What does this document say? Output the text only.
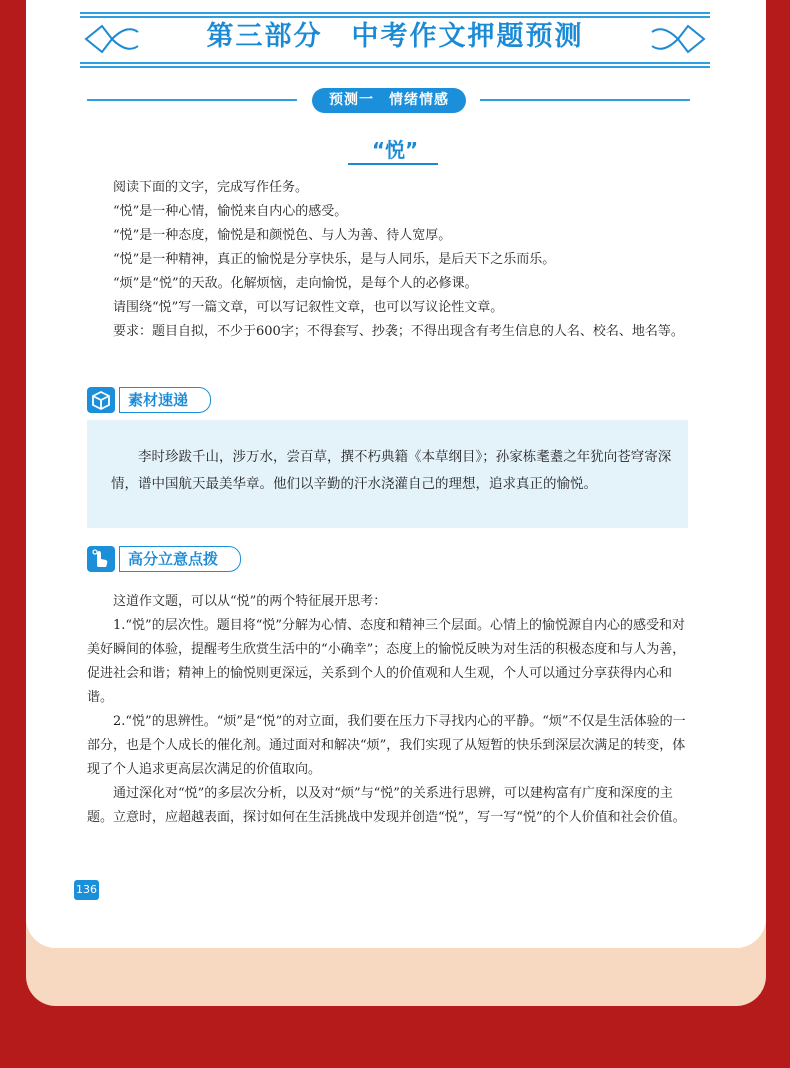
第三部分　中考作文押题预测
预测一　情绪情感
“悦”

阅读下面的文字，完成写作任务。

“悦”是一种心情，愉悦来自内心的感受。

“悦”是一种态度，愉悦是和颜悦色、与人为善、待人宽厚。

“悦”是一种精神，真正的愉悦是分享快乐，是与人同乐，是后天下之乐而乐。

“烦”是“悦”的天敌。化解烦恼，走向愉悦，是每个人的必修课。

请围绕“悦”写一篇文章，可以写记叙性文章，也可以写议论性文章。

要求：题目自拟，不少于600字；不得套写、抄袭；不得出现含有考生信息的人名、校名、地名等。

素材速递
李时珍跋千山，涉万水，尝百草，撰不朽典籍《本草纲目》；孙家栋耄耋之年犹向苍穹寄深情，谱中国航天最美华章。他们以辛勤的汗水浇灌自己的理想，追求真正的愉悦。
高分立意点拨

这道作文题，可以从“悦”的两个特征展开思考：

1.“悦”的层次性。题目将“悦”分解为心情、态度和精神三个层面。心情上的愉悦源自内心的感受和对美好瞬间的体验，提醒考生欣赏生活中的“小确幸”；态度上的愉悦反映为对生活的积极态度和与人为善，促进社会和谐；精神上的愉悦则更深远，关系到个人的价值观和人生观，个人可以通过分享获得内心和谐。

2.“悦”的思辨性。“烦”是“悦”的对立面，我们要在压力下寻找内心的平静。“烦”不仅是生活体验的一部分，也是个人成长的催化剂。通过面对和解决“烦”，我们实现了从短暂的快乐到深层次满足的转变，体现了个人追求更高层次满足的价值取向。

通过深化对“悦”的多层次分析，以及对“烦”与“悦”的关系进行思辨，可以建构富有广度和深度的主题。立意时，应超越表面，探讨如何在生活挑战中发现并创造“悦”，写一写“悦”的个人价值和社会价值。

136
